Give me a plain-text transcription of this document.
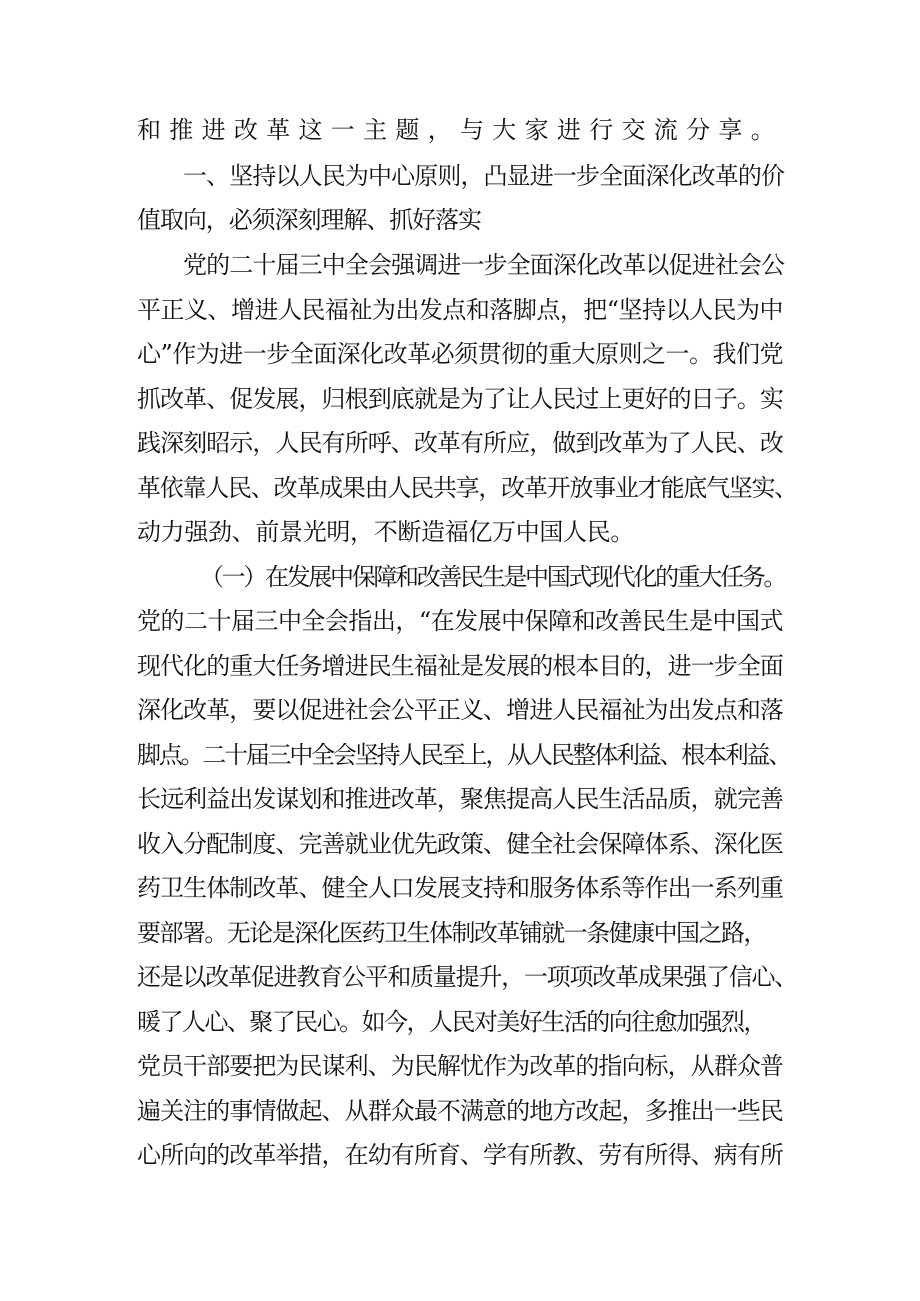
和推进改革这一主题，与大家进行交流分享。
一、坚持以人民为中心原则，凸显进一步全面深化改革的价
值取向，必须深刻理解、抓好落实
党的二十届三中全会强调进一步全面深化改革以促进社会公
平正义、增进人民福祉为出发点和落脚点，把“坚持以人民为中
心”作为进一步全面深化改革必须贯彻的重大原则之一。我们党
抓改革、促发展，归根到底就是为了让人民过上更好的日子。实
践深刻昭示，人民有所呼、改革有所应，做到改革为了人民、改
革依靠人民、改革成果由人民共享，改革开放事业才能底气坚实、
动力强劲、前景光明，不断造福亿万中国人民。
（一）在发展中保障和改善民生是中国式现代化的重大任务。
党的二十届三中全会指出，“在发展中保障和改善民生是中国式
现代化的重大任务增进民生福祉是发展的根本目的，进一步全面
深化改革，要以促进社会公平正义、增进人民福祉为出发点和落
脚点。二十届三中全会坚持人民至上，从人民整体利益、根本利益、
长远利益出发谋划和推进改革，聚焦提高人民生活品质，就完善
收入分配制度、完善就业优先政策、健全社会保障体系、深化医
药卫生体制改革、健全人口发展支持和服务体系等作出一系列重
要部署。无论是深化医药卫生体制改革铺就一条健康中国之路，
还是以改革促进教育公平和质量提升，一项项改革成果强了信心、
暖了人心、聚了民心。如今，人民对美好生活的向往愈加强烈，
党员干部要把为民谋利、为民解忧作为改革的指向标，从群众普
遍关注的事情做起、从群众最不满意的地方改起，多推出一些民
心所向的改革举措，在幼有所育、学有所教、劳有所得、病有所
